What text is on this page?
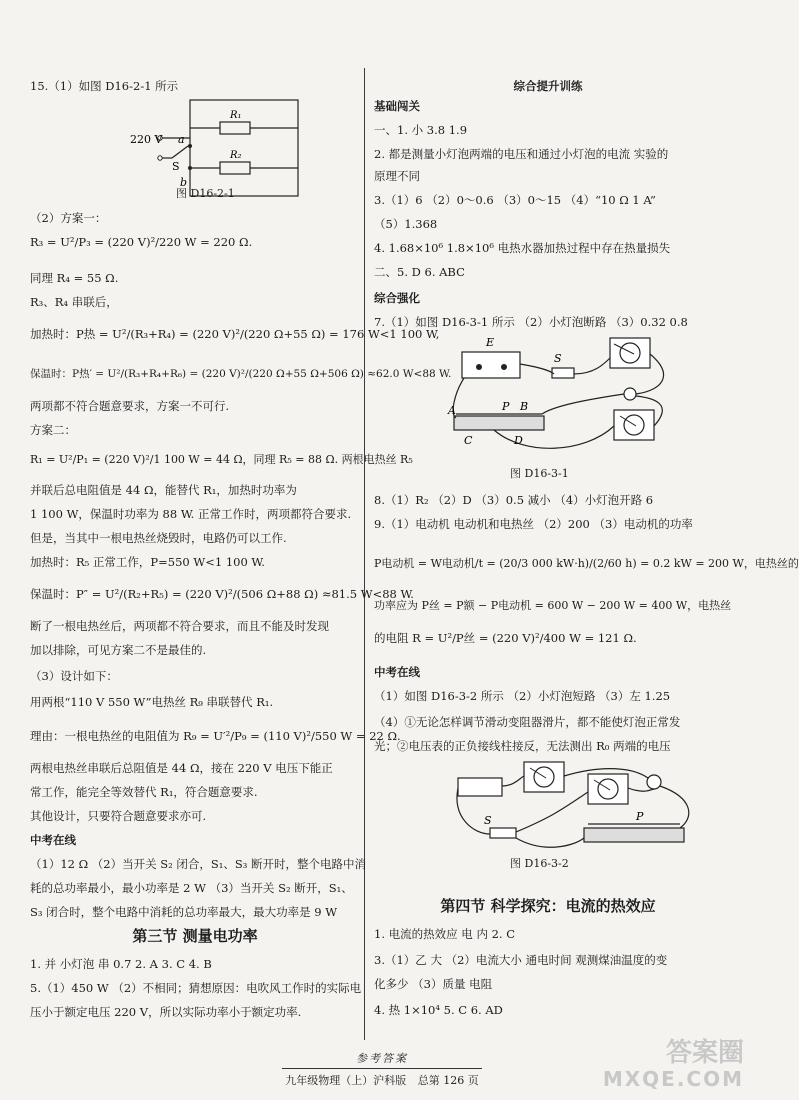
15.（1）如图 D16-2-1 所示
220 V a
S
b
R₁
R₂
图 D16-2-1
（2）方案一：
R₃ = U²/P₃ = (220 V)²/220 W = 220 Ω.
同理 R₄ = 55 Ω.
R₃、R₄ 串联后，
加热时：P热 = U²/(R₃+R₄) = (220 V)²/(220 Ω+55 Ω) = 176 W<1 100 W,
保温时：P热′ = U²/(R₃+R₄+R₆) = (220 V)²/(220 Ω+55 Ω+506 Ω) ≈62.0 W<88 W.
两项都不符合题意要求，方案一不可行.
方案二：
R₁ = U²/P₁ = (220 V)²/1 100 W = 44 Ω，同理 R₅ = 88 Ω. 两根电热丝 R₅
并联后总电阻值是 44 Ω，能替代 R₁，加热时功率为
1 100 W，保温时功率为 88 W. 正常工作时，两项都符合要求.
但是，当其中一根电热丝烧毁时，电路仍可以工作.
加热时：R₅ 正常工作，P=550 W<1 100 W.
保温时：P″ = U²/(R₂+R₅) = (220 V)²/(506 Ω+88 Ω) ≈81.5 W<88 W.
断了一根电热丝后，两项都不符合要求，而且不能及时发现
加以排除，可见方案二不是最佳的.
（3）设计如下：
用两根“110 V 550 W”电热丝 R₉ 串联替代 R₁.
理由：一根电热丝的电阻值为 R₉ = U′²/P₉ = (110 V)²/550 W = 22 Ω.
两根电热丝串联后总阻值是 44 Ω，接在 220 V 电压下能正
常工作，能完全等效替代 R₁，符合题意要求.
其他设计，只要符合题意要求亦可.
中考在线
（1）12 Ω （2）当开关 S₂ 闭合，S₁、S₃ 断开时，整个电路中消
耗的总功率最小，最小功率是 2 W （3）当开关 S₂ 断开，S₁、
S₃ 闭合时，整个电路中消耗的总功率最大，最大功率是 9 W
第三节 测量电功率
1. 并 小灯泡 串 0.7 2. A 3. C 4. B
5.（1）450 W （2）不相同；猜想原因：电吹风工作时的实际电
压小于额定电压 220 V，所以实际功率小于额定功率.
综合提升训练
基础闯关
一、1. 小 3.8 1.9
2. 都是测量小灯泡两端的电压和通过小灯泡的电流 实验的
原理不同
3.（1）6 （2）0～0.6 （3）0～15 （4）“10 Ω 1 A”
（5）1.368
4. 1.68×10⁶ 1.8×10⁶ 电热水器加热过程中存在热量损失
二、5. D 6. ABC
综合强化
7.（1）如图 D16-3-1 所示 （2）小灯泡断路 （3）0.32 0.8
E
S
A	P B
C	D
图 D16-3-1
8.（1）R₂ （2）D （3）0.5 减小 （4）小灯泡开路 6
9.（1）电动机 电动机和电热丝 （2）200 （3）电动机的功率
P电动机 = W电动机/t = (20/3 000 kW·h)/(2/60 h) = 0.2 kW = 200 W，电热丝的
功率应为 P丝 = P额 − P电动机 = 600 W − 200 W = 400 W，电热丝
的电阻 R = U²/P丝 = (220 V)²/400 W = 121 Ω.
中考在线
（1）如图 D16-3-2 所示 （2）小灯泡短路 （3）左 1.25
（4）①无论怎样调节滑动变阻器滑片，都不能使灯泡正常发
光；②电压表的正负接线柱接反，无法测出 R₀ 两端的电压
S	P
图 D16-3-2
第四节 科学探究：电流的热效应
1. 电流的热效应 电 内 2. C
3.（1）乙 大 （2）电流大小 通电时间 观测煤油温度的变
化多少 （3）质量 电阻
4. 热 1×10⁴ 5. C 6. AD
参考答案
九年级物理（上）沪科版 总第 126 页
答案圈
MXQE.COM
